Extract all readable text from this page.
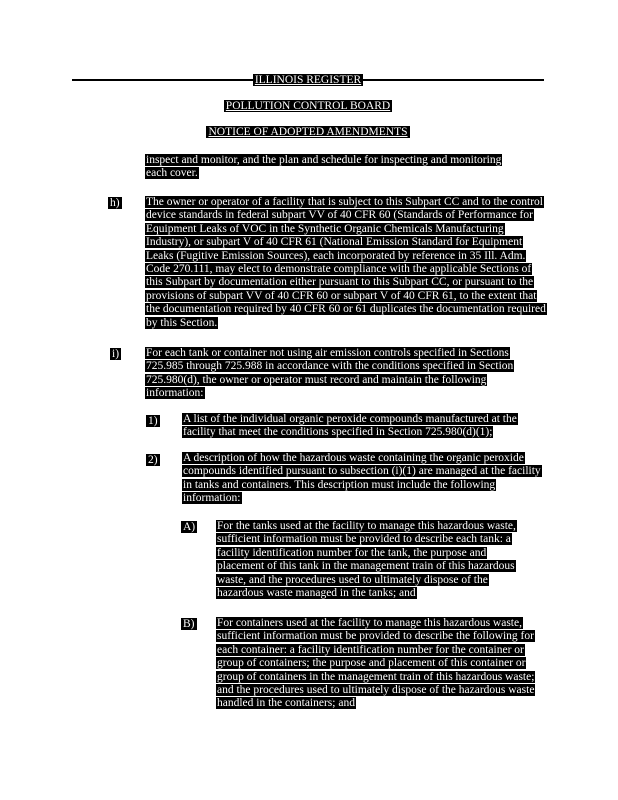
ILLINOIS REGISTER
POLLUTION CONTROL BOARD
NOTICE OF ADOPTED AMENDMENTS
inspect and monitor, and the plan and schedule for inspecting and monitoring each cover.
h) The owner or operator of a facility that is subject to this Subpart CC and to the control device standards in federal subpart VV of 40 CFR 60 (Standards of Performance for Equipment Leaks of VOC in the Synthetic Organic Chemicals Manufacturing Industry), or subpart V of 40 CFR 61 (National Emission Standard for Equipment Leaks (Fugitive Emission Sources), each incorporated by reference in 35 Ill. Adm. Code 270.111, may elect to demonstrate compliance with the applicable Sections of this Subpart by documentation either pursuant to this Subpart CC, or pursuant to the provisions of subpart VV of 40 CFR 60 or subpart V of 40 CFR 61, to the extent that the documentation required by 40 CFR 60 or 61 duplicates the documentation required by this Section.
i) For each tank or container not using air emission controls specified in Sections 725.985 through 725.988 in accordance with the conditions specified in Section 725.980(d), the owner or operator must record and maintain the following information:
1) A list of the individual organic peroxide compounds manufactured at the facility that meet the conditions specified in Section 725.980(d)(1);
2) A description of how the hazardous waste containing the organic peroxide compounds identified pursuant to subsection (i)(1) are managed at the facility in tanks and containers. This description must include the following information:
A) For the tanks used at the facility to manage this hazardous waste, sufficient information must be provided to describe each tank: a facility identification number for the tank, the purpose and placement of this tank in the management train of this hazardous waste, and the procedures used to ultimately dispose of the hazardous waste managed in the tanks; and
B) For containers used at the facility to manage this hazardous waste, sufficient information must be provided to describe the following for each container: a facility identification number for the container or group of containers; the purpose and placement of this container or group of containers in the management train of this hazardous waste; and the procedures used to ultimately dispose of the hazardous waste handled in the containers; and
